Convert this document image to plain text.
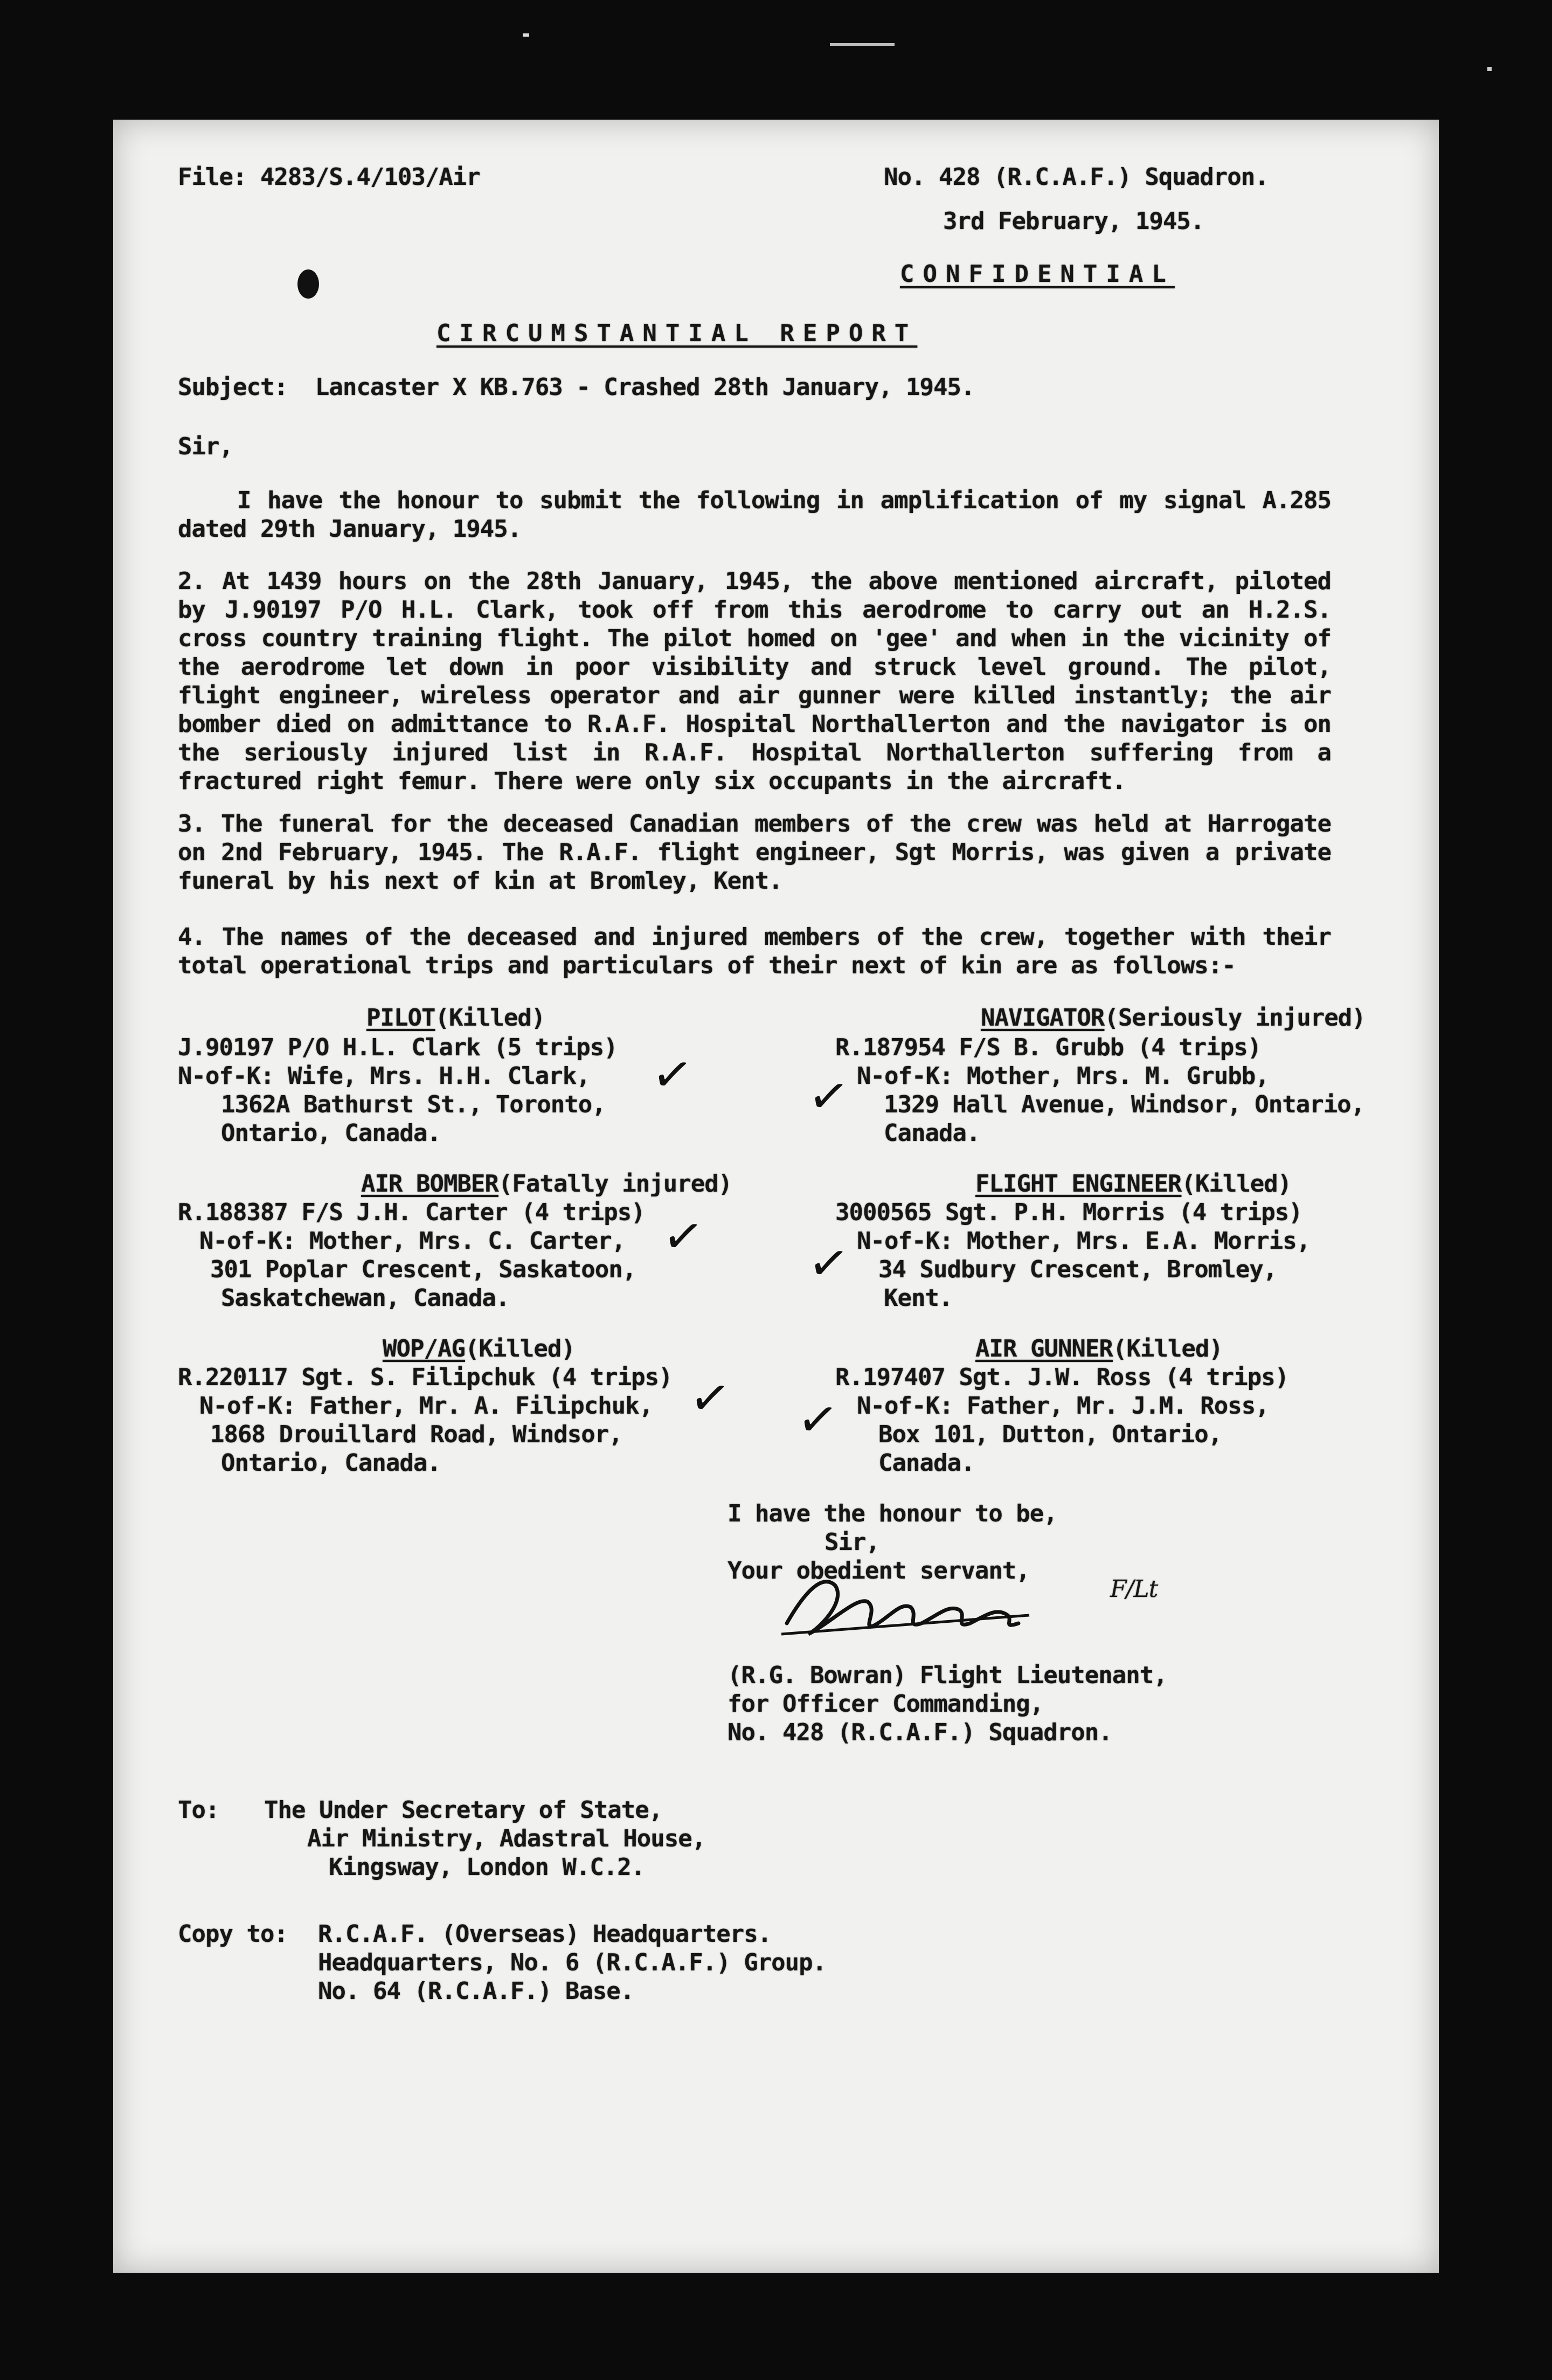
File: 4283/S.4/103/Air	No. 428 (R.C.A.F.) Squadron.
3rd February, 1945.
CONFIDENTIAL
CIRCUMSTANTIAL REPORT
Subject:  Lancaster X KB.763 - Crashed 28th January, 1945.
Sir,
I have the honour to submit the following in amplification of my signal A.285 dated 29th January, 1945.
2. At 1439 hours on the 28th January, 1945, the above mentioned aircraft, piloted by J.90197 P/O H.L. Clark, took off from this aerodrome to carry out an H.2.S. cross country training flight. The pilot homed on 'gee' and when in the vicinity of the aerodrome let down in poor visibility and struck level ground. The pilot, flight engineer, wireless operator and air gunner were killed instantly; the air bomber died on admittance to R.A.F. Hospital Northallerton and the navigator is on the seriously injured list in R.A.F. Hospital Northallerton suffering from a fractured right femur. There were only six occupants in the aircraft.
3. The funeral for the deceased Canadian members of the crew was held at Harrogate on 2nd February, 1945. The R.A.F. flight engineer, Sgt Morris, was given a private funeral by his next of kin at Bromley, Kent.
4. The names of the deceased and injured members of the crew, together with their total operational trips and particulars of their next of kin are as follows:-
PILOT(Killed)
J.90197 P/O H.L. Clark (5 trips)
N-of-K: Wife, Mrs. H.H. Clark,
1362A Bathurst St., Toronto,
Ontario, Canada.
NAVIGATOR(Seriously injured)
R.187954 F/S B. Grubb (4 trips)
N-of-K: Mother, Mrs. M. Grubb,
1329 Hall Avenue, Windsor, Ontario,
Canada.
AIR BOMBER(Fatally injured)
R.188387 F/S J.H. Carter (4 trips)
N-of-K: Mother, Mrs. C. Carter,
301 Poplar Crescent, Saskatoon,
Saskatchewan, Canada.
FLIGHT ENGINEER(Killed)
3000565 Sgt. P.H. Morris (4 trips)
N-of-K: Mother, Mrs. E.A. Morris,
34 Sudbury Crescent, Bromley,
Kent.
WOP/AG(Killed)
R.220117 Sgt. S. Filipchuk (4 trips)
N-of-K: Father, Mr. A. Filipchuk,
1868 Drouillard Road, Windsor,
Ontario, Canada.
AIR GUNNER(Killed)
R.197407 Sgt. J.W. Ross (4 trips)
N-of-K: Father, Mr. J.M. Ross,
Box 101, Dutton, Ontario,
Canada.
✓ ✓
✓ ✓
✓ ✓
I have the honour to be,
Sir,
Your obedient servant,
F/Lt
(R.G. Bowran) Flight Lieutenant,
for Officer Commanding,
No. 428 (R.C.A.F.) Squadron.
To: The Under Secretary of State,
Air Ministry, Adastral House,
Kingsway, London W.C.2.
Copy to: R.C.A.F. (Overseas) Headquarters.
Headquarters, No. 6 (R.C.A.F.) Group.
No. 64 (R.C.A.F.) Base.
